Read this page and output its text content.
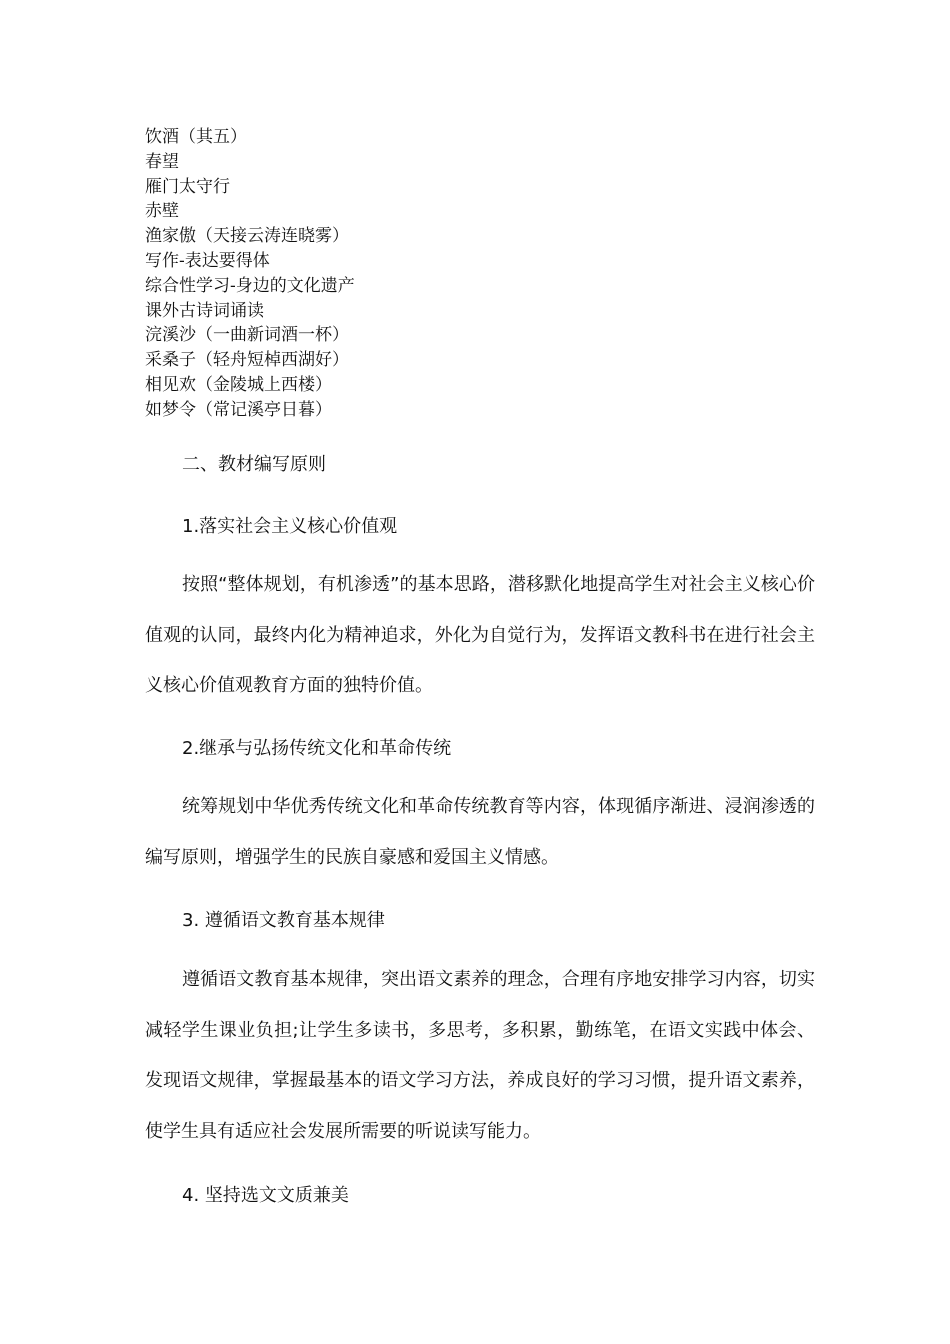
饮酒（其五）
春望
雁门太守行
赤壁
渔家傲（天接云涛连晓雾）
写作-表达要得体
综合性学习-身边的文化遗产
课外古诗词诵读
浣溪沙（一曲新词酒一杯）
采桑子（轻舟短棹西湖好）
相见欢（金陵城上西楼）
如梦令（常记溪亭日暮）
二、教材编写原则
1.落实社会主义核心价值观

按照“整体规划，有机渗透”的基本思路，潜移默化地提高学生对社会主义核心价值观的认同，最终内化为精神追求，外化为自觉行为，发挥语文教科书在进行社会主义核心价值观教育方面的独特价值。

2.继承与弘扬传统文化和革命传统

统筹规划中华优秀传统文化和革命传统教育等内容，体现循序渐进、浸润渗透的编写原则，增强学生的民族自豪感和爱国主义情感。

3. 遵循语文教育基本规律

遵循语文教育基本规律，突出语文素养的理念，合理有序地安排学习内容，切实减轻学生课业负担;让学生多读书，多思考，多积累，勤练笔，在语文实践中体会、发现语文规律，掌握最基本的语文学习方法，养成良好的学习习惯，提升语文素养，使学生具有适应社会发展所需要的听说读写能力。

4. 坚持选文文质兼美
